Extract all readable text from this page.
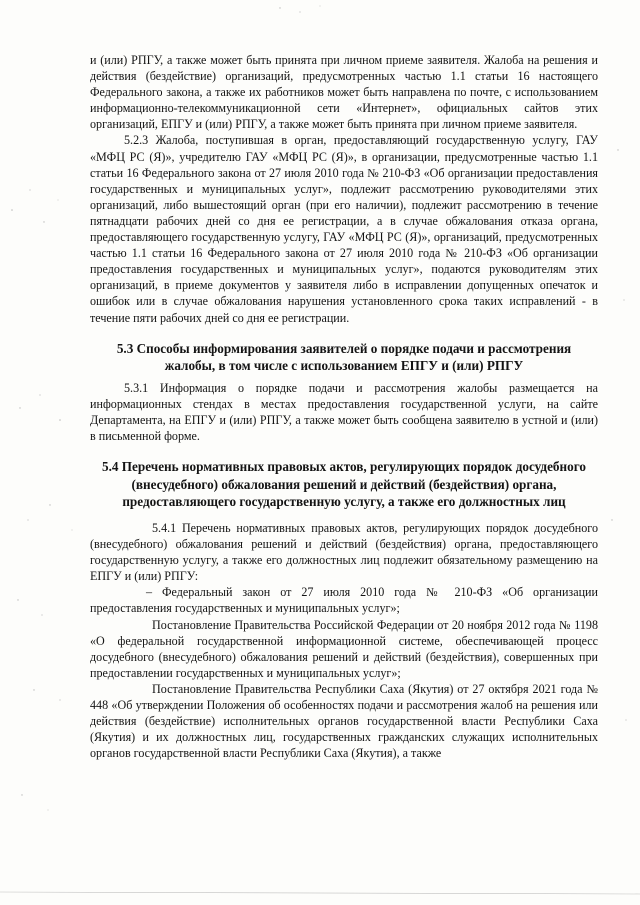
и (или) РПГУ, а также может быть принята при личном приеме заявителя. Жалоба на решения и действия (бездействие) организаций, предусмотренных частью 1.1 статьи 16 настоящего Федерального закона, а также их работников может быть направлена по почте, с использованием информационно-телекоммуникационной сети «Интернет», официальных сайтов этих организаций, ЕПГУ и (или) РПГУ, а также может быть принята при личном приеме заявителя.

5.2.3 Жалоба, поступившая в орган, предоставляющий государственную услугу, ГАУ «МФЦ РС (Я)», учредителю ГАУ «МФЦ РС (Я)», в организации, предусмотренные частью 1.1 статьи 16 Федерального закона от 27 июля 2010 года № 210-ФЗ «Об организации предоставления государственных и муниципальных услуг», подлежит рассмотрению руководителями этих организаций, либо вышестоящий орган (при его наличии), подлежит рассмотрению в течение пятнадцати рабочих дней со дня ее регистрации, а в случае обжалования отказа органа, предоставляющего государственную услугу, ГАУ «МФЦ РС (Я)», организаций, предусмотренных частью 1.1 статьи 16 Федерального закона от 27 июля 2010 года № 210-ФЗ «Об организации предоставления государственных и муниципальных услуг», подаются руководителям этих организаций, в приеме документов у заявителя либо в исправлении допущенных опечаток и ошибок или в случае обжалования нарушения установленного срока таких исправлений - в течение пяти рабочих дней со дня ее регистрации.

5.3 Способы информирования заявителей о порядке подачи и рассмотрения жалобы, в том числе с использованием ЕПГУ и (или) РПГУ

5.3.1 Информация о порядке подачи и рассмотрения жалобы размещается на информационных стендах в местах предоставления государственной услуги, на сайте Департамента, на ЕПГУ и (или) РПГУ, а также может быть сообщена заявителю в устной и (или) в письменной форме.

5.4 Перечень нормативных правовых актов, регулирующих порядок досудебного (внесудебного) обжалования решений и действий (бездействия) органа, предоставляющего государственную услугу, а также его должностных лиц

5.4.1 Перечень нормативных правовых актов, регулирующих порядок досудебного (внесудебного) обжалования решений и действий (бездействия) органа, предоставляющего государственную услугу, а также его должностных лиц подлежит обязательному размещению на ЕПГУ и (или) РПГУ:

– Федеральный закон от 27 июля 2010 года № 210-ФЗ «Об организации предоставления государственных и муниципальных услуг»;

Постановление Правительства Российской Федерации от 20 ноября 2012 года № 1198 «О федеральной государственной информационной системе, обеспечивающей процесс досудебного (внесудебного) обжалования решений и действий (бездействия), совершенных при предоставлении государственных и муниципальных услуг»;

Постановление Правительства Республики Саха (Якутия) от 27 октября 2021 года № 448 «Об утверждении Положения об особенностях подачи и рассмотрения жалоб на решения или действия (бездействие) исполнительных органов государственной власти Республики Саха (Якутия) и их должностных лиц, государственных гражданских служащих исполнительных органов государственной власти Республики Саха (Якутия), а также
